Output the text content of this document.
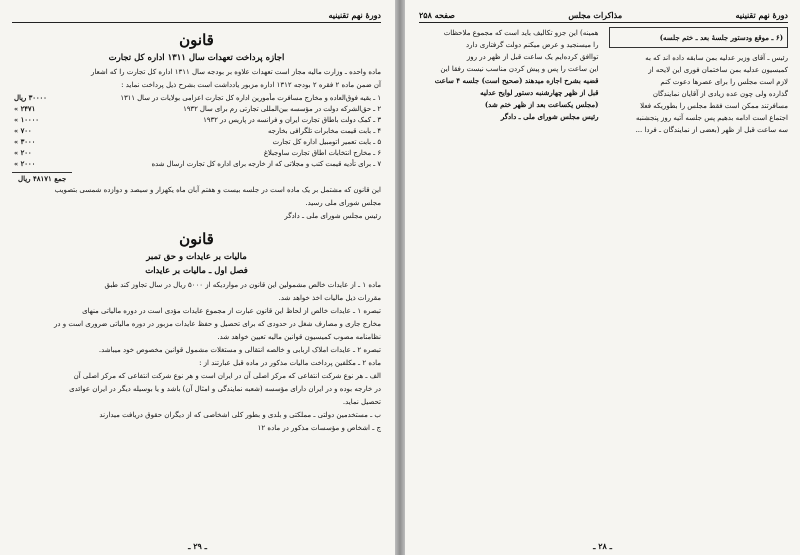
دورهٔ نهم تقنینیه
قانون
اجازه پرداخت تعهدات سال ۱۳۱۱ اداره کل تجارت

ماده واحده ـ وزارت مالیه مجاز است تعهدات علاوه بر بودجه سال ۱۳۱۱ اداره کل تجارت را که اشعار

آن ضمن ماده ۲ فقره ۲ بودجه ۱۳۱۲ اداره مزبور یادداشت است بشرح ذیل پرداخت نماید :

۱ ـ بقیه فوق‌العاده و مخارج مسافرت مأمورین اداره کل تجارت اعزامی بولایات در سال ۱۳۱۱
۳۰۰۰۰ ریال
۲ ـ حق‌الشرکه دولت در مؤسسه بین‌المللی تجارتی رم برای سال ۱۹۳۲
۲۴۷۱ »
۳ ـ کمک دولت باطاق تجارت ایران و فرانسه در پاریس در ۱۹۳۲
۱۰۰۰۰ »
۴ ـ بابت قیمت مخابرات تلگرافی بخارجه
۷۰۰ »
۵ ـ بابت تعمیر اتومبیل اداره کل تجارت
۳۰۰۰ »
۶ ـ مخارج انتخابات اطاق تجارت ساوجبلاغ
۲۰۰ »
۷ ـ برای تأدیه قیمت کتب و مجلاتی که از خارجه برای اداره کل تجارت ارسال شده
۲۰۰۰ »
جمع ۴۸۱۷۱ ریال

این قانون که مشتمل بر یک ماده است در جلسه بیست و هفتم آبان ماه یکهزار و سیصد و دوازده شمسی بتصویب

مجلس شورای ملی رسید.

رئیس مجلس شورای ملی ـ دادگر
قانون
مالیات بر عایدات و حق تمبر
فصل اول ـ مالیات بر عایدات

ماده ۱ ـ از عایدات خالص مشمولین این قانون در مواردیکه از ۵۰۰۰ ریال در سال تجاوز کند طبق

مقررات ذیل مالیات اخذ خواهد شد.

تبصره ۱ ـ عایدات خالص از لحاظ این قانون عبارت از مجموع عایدات مؤدی است در دوره مالیاتی منهای

مخارج جاری و مصارف شغل در حدودی که برای تحصیل و حفظ عایدات مزبور در دوره مالیاتی ضروری است و در

نظامنامه مصوب کمیسیون قوانین مالیه تعیین خواهد شد.

تبصره ۲ ـ عایدات املاک اربابی و خالصه انتقالی و مستغلات مشمول قوانین مخصوص خود میباشد.

ماده ۲ ـ مکلفین پرداخت مالیات مذکور در ماده قبل عبارتند از :

الف ـ هر نوع شرکت انتفاعی که مرکز اصلی آن در ایران است و هر نوع شرکت انتفاعی که مرکز اصلی آن

در خارجه بوده و در ایران دارای مؤسسه (شعبه نمایندگی و امثال آن) باشد و یا بوسیله دیگر در ایران عوائدی

تحصیل نماید.

ب ـ مستخدمین دولتی ـ مملکتی و بلدی و بطور کلی اشخاصی که از دیگران حقوق دریافت میدارند

ج ـ اشخاص و مؤسسات مذکور در ماده ۱۲

ـ ۲۹ ـ
دورهٔ نهم تقنینیه
مذاکرات مجلس
صفحه ۲۵۸
(۶ ـ موقع ودستور جلسهٔ بعد ـ ختم جلسه)

رئیس ـ آقای وزیر عدلیه بمن سابقه داده اند که به

کمیسیون عدلیه بمن ساختمان فوری این لایحه از

لازم است مجلس را برای عصرها دعوت کنم

گذارده ولی چون عده زیادی از آقایان نمایندگان

مسافرتند ممکن است فقط مجلس را بطوریکه فعلا

اجتماع است ادامه بدهیم پس جلسه آتیه روز پنجشنبه

سه ساعت قبل از ظهر (بعضی از نمایندگان ـ فردا ...

همینه) این جزو تکالیف باید است که مجموع ملاحظات

را میسنجید و عرض میکنم دولت گرفتاری دارد

تواافق کرده‌ایم یک ساعت قبل از ظهر در روز

این ساعت را پس و پیش کردن مناسب نیست رفقا این

قضیه بشرح اجازه میدهند (صحیح است) جلسه ۴ ساعت

قبل از ظهر چهارشنبه دستور لوایح عدلیه

(مجلس یکساعت بعد از ظهر ختم شد)

رئیس مجلس شورای ملی ـ دادگر

ـ ۲۸ ـ
